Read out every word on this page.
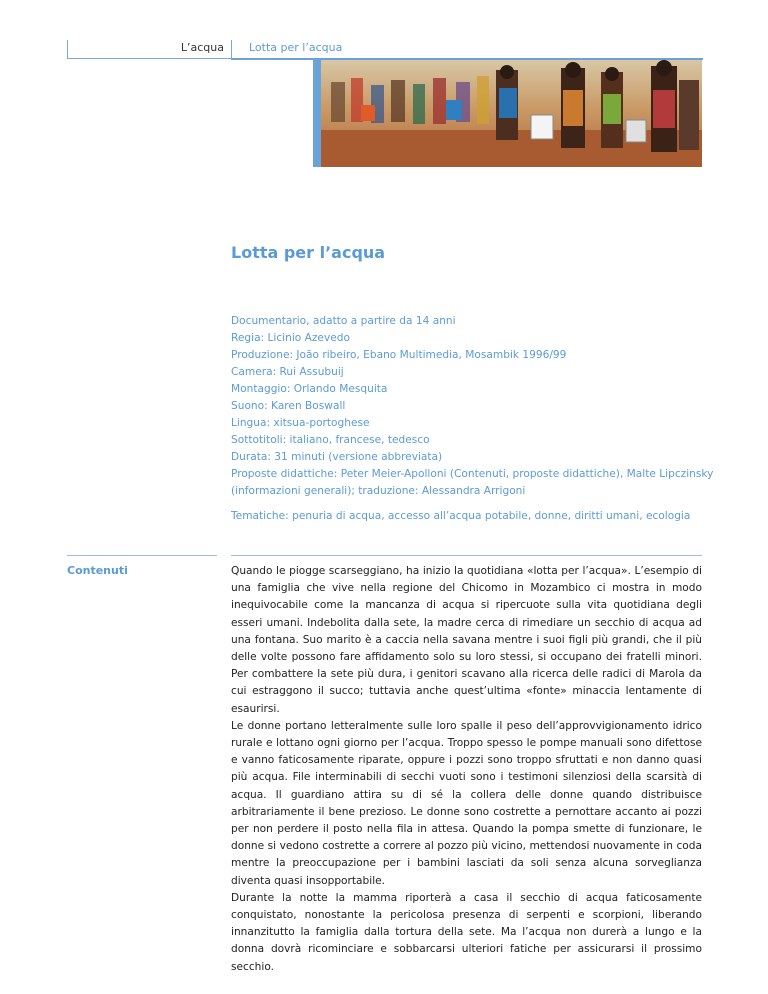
L’acqua Lotta per l’acqua
Lotta per l’acqua
Documentario, adatto a partire da 14 anni
Regia: Licinio Azevedo
Produzione: João ribeiro, Ebano Multimedia, Mosambik 1996/99
Camera: Rui Assubuij
Montaggio: Orlando Mesquita
Suono: Karen Boswall
Lingua: xitsua-portoghese
Sottotitoli: italiano, francese, tedesco
Durata: 31 minuti (versione abbreviata)
Proposte didattiche: Peter Meier-Apolloni (Contenuti, proposte didattiche), Malte Lipczinsky
(informazioni generali); traduzione: Alessandra Arrigoni
Tematiche: penuria di acqua, accesso all’acqua potabile, donne, diritti umani, ecologia
Contenuti	Quando le piogge scarseggiano, ha inizio la quotidiana «lotta per l’acqua». L’esempio di una famiglia che vive nella regione del Chicomo in Mozambico ci mostra in modo inequivocabile come la mancanza di acqua si ripercuote sulla vita quotidiana degli esseri umani. Indebolita dalla sete, la madre cerca di rimediare un secchio di acqua ad una fontana. Suo marito è a caccia nella savana mentre i suoi figli più grandi, che il più delle volte possono fare affidamento solo su loro stessi, si occupano dei fratelli minori. Per combattere la sete più dura, i genitori scavano alla ricerca delle radici di Marola da cui estraggono il succo; tuttavia anche quest’ultima «fonte» minaccia lentamente di esaurirsi.

Le donne portano letteralmente sulle loro spalle il peso dell’approvvigionamento idrico rurale e lottano ogni giorno per l’acqua. Troppo spesso le pompe manuali sono difettose e vanno faticosamente riparate, oppure i pozzi sono troppo sfruttati e non danno quasi più acqua. File interminabili di secchi vuoti sono i testimoni silenziosi della scarsità di acqua. Il guardiano attira su di sé la collera delle donne quando distribuisce arbitrariamente il bene prezioso. Le donne sono costrette a pernottare accanto ai pozzi per non perdere il posto nella fila in attesa. Quando la pompa smette di funzionare, le donne si vedono costrette a correre al pozzo più vicino, mettendosi nuovamente in coda mentre la preoccupazione per i bambini lasciati da soli senza alcuna sorveglianza diventa quasi insopportabile.

Durante la notte la mamma riporterà a casa il secchio di acqua faticosamente conquistato, nonostante la pericolosa presenza di serpenti e scorpioni, liberando innanzitutto la famiglia dalla tortura della sete. Ma l’acqua non durerà a lungo e la donna dovrà ricominciare e sobbarcarsi ulteriori fatiche per assicurarsi il prossimo secchio.
